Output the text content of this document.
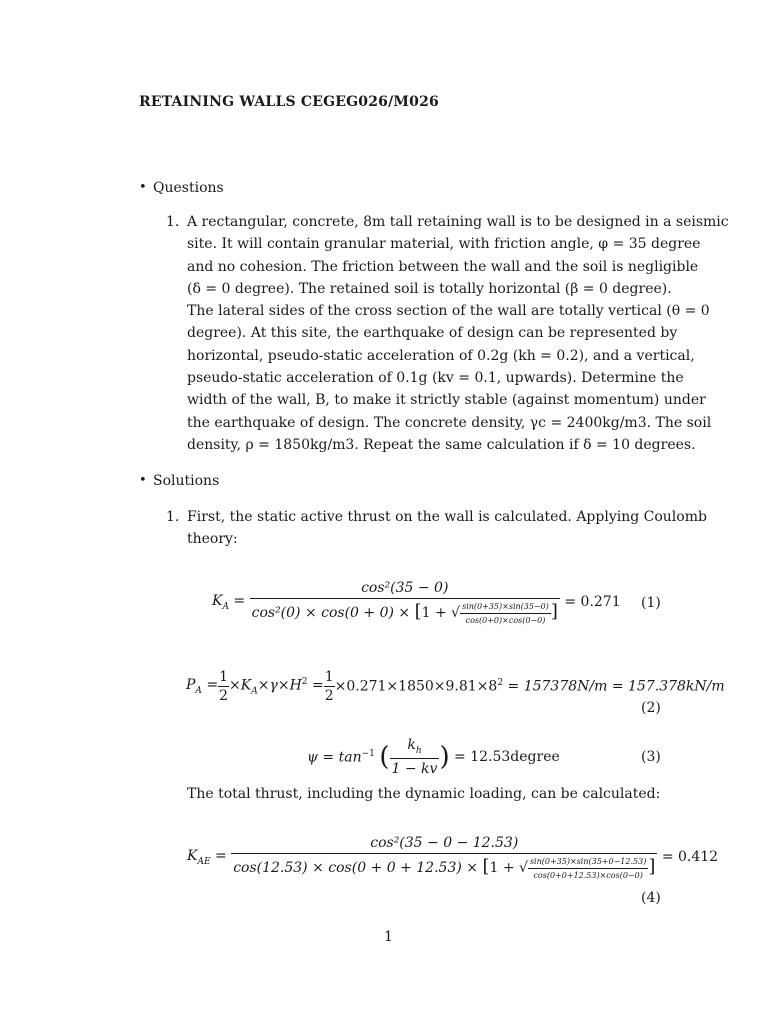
RETAINING WALLS CEGEG026/M026
• Questions
1. A rectangular, concrete, 8m tall retaining wall is to be designed in a seismic
site. It will contain granular material, with friction angle, φ = 35 degree
and no cohesion. The friction between the wall and the soil is negligible
(δ = 0 degree). The retained soil is totally horizontal (β = 0 degree).
The lateral sides of the cross section of the wall are totally vertical (θ = 0
degree). At this site, the earthquake of design can be represented by
horizontal, pseudo-static acceleration of 0.2g (kh = 0.2), and a vertical,
pseudo-static acceleration of 0.1g (kv = 0.1, upwards). Determine the
width of the wall, B, to make it strictly stable (against momentum) under
the earthquake of design. The concrete density, γc = 2400kg/m3. The soil
density, ρ = 1850kg/m3. Repeat the same calculation if δ = 10 degrees.
• Solutions
1. First, the static active thrust on the wall is calculated. Applying Coulomb
theory:
$K_A$ =
cos²(35 − 0)
cos²(0) × cos(0 + 0) × [1 + √ $\frac{\sin(0+35)\times\sin(35-0)}{\cos(0+0)\times\cos(0-0)}$ ] = 0.271 (1)
$P_A = \frac{1}{2} \times K_A\times\gamma\times H^2 = \frac{1}{2} \times 0.271\times 1850\times 9.81\times 8^2 = 157378N/m = 157.378kN/m$
(2)
$\psi = \tan^{-1}$ ( $\frac{k_h}{1 - kv}$ ) = 12.53degree	(3)
The total thrust, including the dynamic loading, can be calculated:
$K_{AE}$ =
cos²(35 − 0 − 12.53)
cos(12.53) × cos(0 + 0 + 12.53) × [1 + √ $\frac{\sin(0+35)\times\sin(35+0-12.53)}{\cos(0+0+12.53)\times\cos(0-0)}$ ] = 0.412
(4)
1
